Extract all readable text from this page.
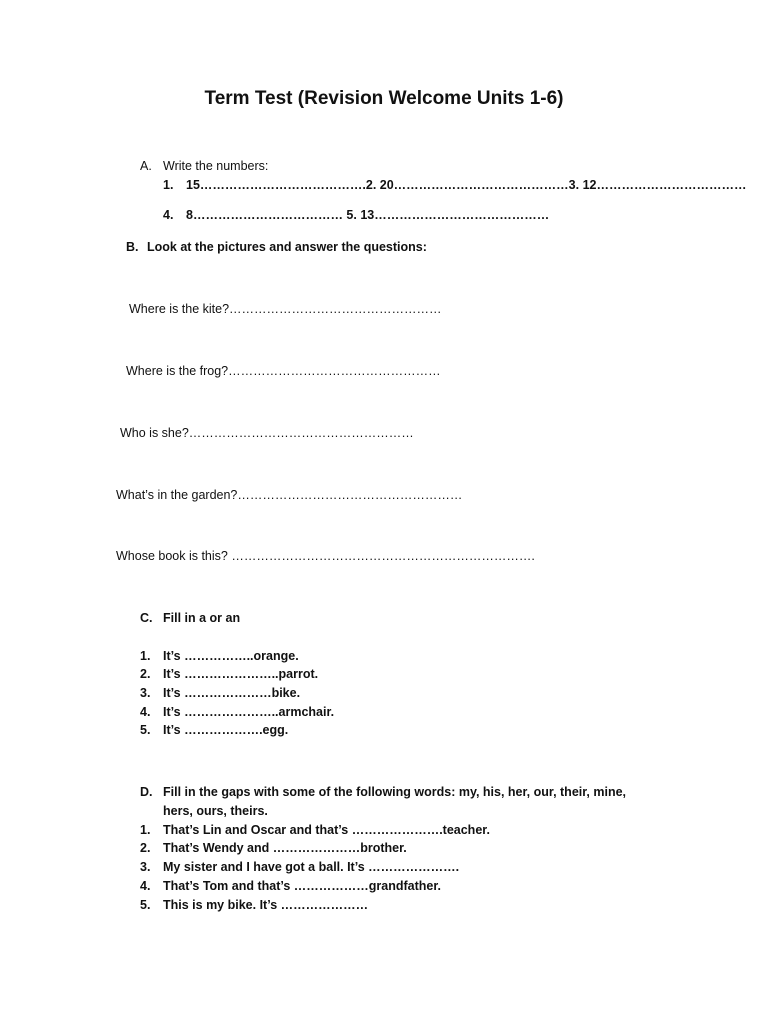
Term Test (Revision Welcome Units 1-6)
A. Write the numbers:
1. 15………………………………….2. 20……………………………………3. 12………………………………
4. 8……………………………… 5. 13……………………………………
B. Look at the pictures and answer the questions:
Where is the kite?……………………………………………
Where is the frog?……………………………………………
Who is she?………………………………………………
What’s in the garden?………………………………………………
Whose book is this? ……………………………………………………………….
C. Fill in a or an
1. It’s ……………..orange.
2. It’s …………………..parrot.
3. It’s …………………bike.
4. It’s …………………..armchair.
5. It’s ……………….egg.
D. Fill in the gaps with some of the following words: my, his, her, our, their, mine,
hers, ours, theirs.
1. That’s Lin and Oscar and that’s ………………….teacher.
2. That’s Wendy and …………………brother.
3. My sister and I have got a ball. It’s ………………….
4. That’s Tom and that’s ………………grandfather.
5. This is my bike. It’s …………………
